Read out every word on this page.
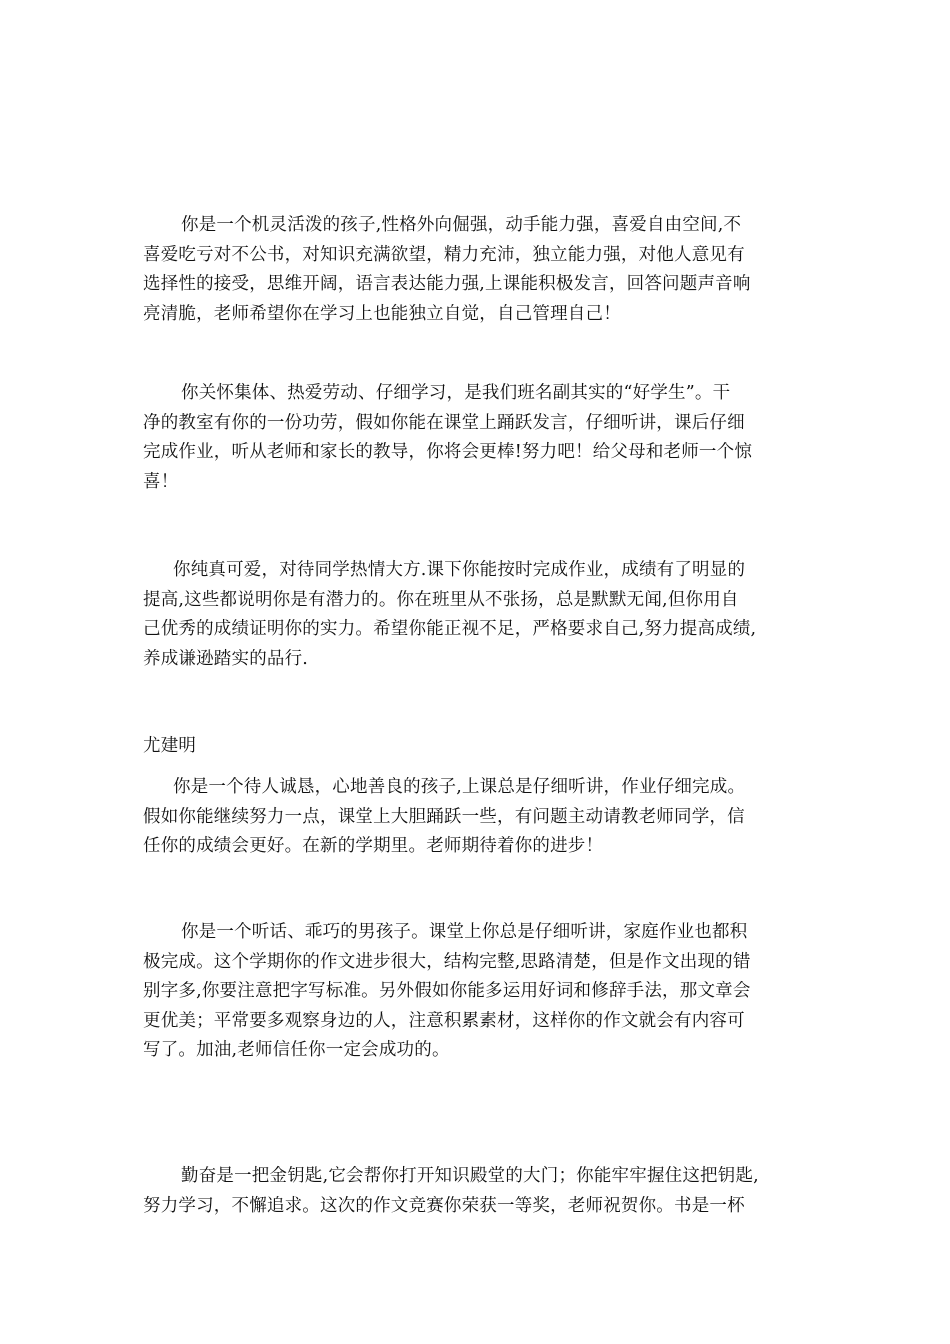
你是一个机灵活泼的孩子,性格外向倔强，动手能力强，喜爱自由空间,不
喜爱吃亏对不公书，对知识充满欲望，精力充沛，独立能力强，对他人意见有
选择性的接受，思维开阔，语言表达能力强,上课能积极发言，回答问题声音响
亮清脆，老师希望你在学习上也能独立自觉，自己管理自己！
你关怀集体、热爱劳动、仔细学习，是我们班名副其实的“好学生”。干
净的教室有你的一份功劳，假如你能在课堂上踊跃发言，仔细听讲，课后仔细
完成作业，听从老师和家长的教导，你将会更棒!努力吧！给父母和老师一个惊
喜！
你纯真可爱，对待同学热情大方.课下你能按时完成作业，成绩有了明显的
提高,这些都说明你是有潜力的。你在班里从不张扬，总是默默无闻,但你用自
己优秀的成绩证明你的实力。希望你能正视不足，严格要求自己,努力提高成绩,
养成谦逊踏实的品行.
尤建明
你是一个待人诚恳，心地善良的孩子,上课总是仔细听讲，作业仔细完成。
假如你能继续努力一点，课堂上大胆踊跃一些，有问题主动请教老师同学，信
任你的成绩会更好。在新的学期里。老师期待着你的进步！
你是一个听话、乖巧的男孩子。课堂上你总是仔细听讲，家庭作业也都积
极完成。这个学期你的作文进步很大，结构完整,思路清楚，但是作文出现的错
别字多,你要注意把字写标准。另外假如你能多运用好词和修辞手法，那文章会
更优美；平常要多观察身边的人，注意积累素材，这样你的作文就会有内容可
写了。加油,老师信任你一定会成功的。
勤奋是一把金钥匙,它会帮你打开知识殿堂的大门；你能牢牢握住这把钥匙,
努力学习，不懈追求。这次的作文竞赛你荣获一等奖，老师祝贺你。书是一杯
